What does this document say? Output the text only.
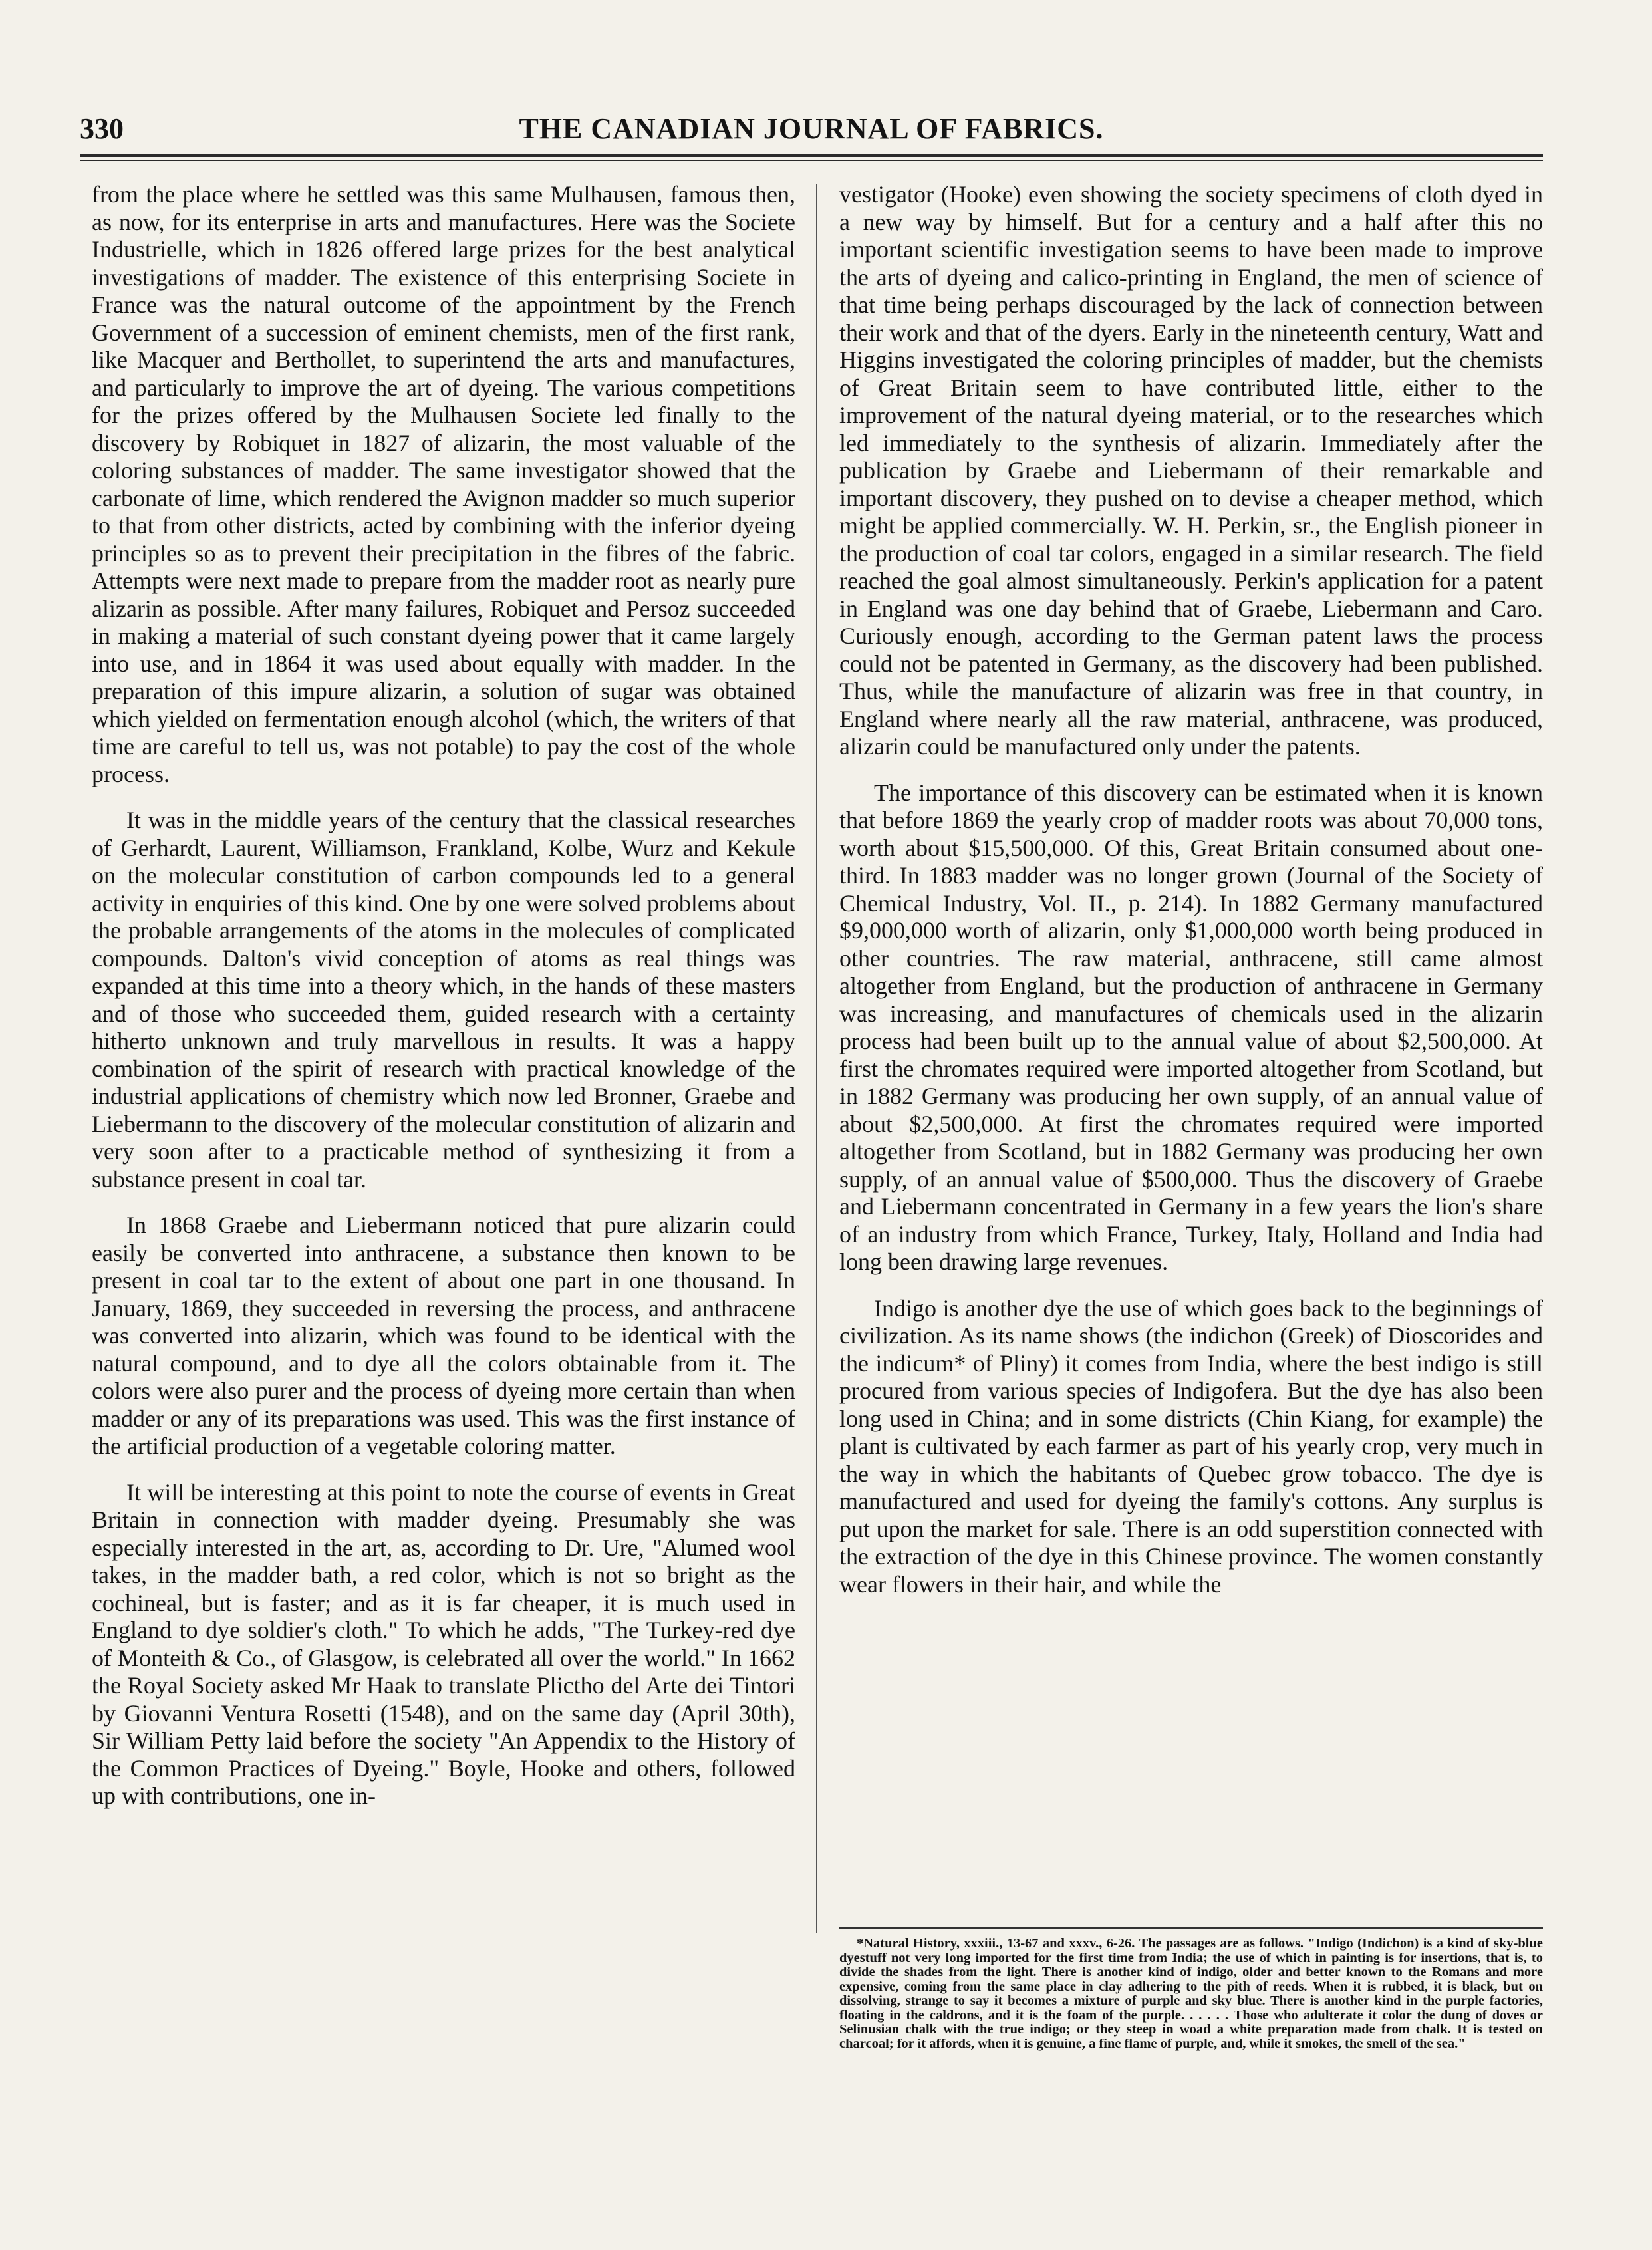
330	THE CANADIAN JOURNAL OF FABRICS.

from the place where he settled was this same Mulhausen, famous then, as now, for its enterprise in arts and manufactures. Here was the Societe Industrielle, which in 1826 offered large prizes for the best analytical investigations of madder. The existence of this enterprising Societe in France was the natural outcome of the appointment by the French Government of a succession of eminent chemists, men of the first rank, like Macquer and Berthollet, to superintend the arts and manufactures, and particularly to improve the art of dyeing. The various competitions for the prizes offered by the Mulhausen Societe led finally to the discovery by Robiquet in 1827 of alizarin, the most valuable of the coloring substances of madder. The same investigator showed that the carbonate of lime, which rendered the Avignon madder so much superior to that from other districts, acted by combining with the inferior dyeing principles so as to prevent their precipitation in the fibres of the fabric. Attempts were next made to prepare from the madder root as nearly pure alizarin as possible. After many failures, Robiquet and Persoz succeeded in making a material of such constant dyeing power that it came largely into use, and in 1864 it was used about equally with madder. In the preparation of this impure alizarin, a solution of sugar was obtained which yielded on fermentation enough alcohol (which, the writers of that time are careful to tell us, was not potable) to pay the cost of the whole process.

It was in the middle years of the century that the classical researches of Gerhardt, Laurent, Williamson, Frankland, Kolbe, Wurz and Kekule on the molecular constitution of carbon compounds led to a general activity in enquiries of this kind. One by one were solved problems about the probable arrangements of the atoms in the molecules of complicated compounds. Dalton's vivid conception of atoms as real things was expanded at this time into a theory which, in the hands of these masters and of those who succeeded them, guided research with a certainty hitherto unknown and truly marvellous in results. It was a happy combination of the spirit of research with practical knowledge of the industrial applications of chemistry which now led Bronner, Graebe and Liebermann to the discovery of the molecular constitution of alizarin and very soon after to a practicable method of synthesizing it from a substance present in coal tar.

In 1868 Graebe and Liebermann noticed that pure alizarin could easily be converted into anthracene, a substance then known to be present in coal tar to the extent of about one part in one thousand. In January, 1869, they succeeded in reversing the process, and anthracene was converted into alizarin, which was found to be identical with the natural compound, and to dye all the colors obtainable from it. The colors were also purer and the process of dyeing more certain than when madder or any of its preparations was used. This was the first instance of the artificial production of a vegetable coloring matter.

It will be interesting at this point to note the course of events in Great Britain in connection with madder dyeing. Presumably she was especially interested in the art, as, according to Dr. Ure, "Alumed wool takes, in the madder bath, a red color, which is not so bright as the cochineal, but is faster; and as it is far cheaper, it is much used in England to dye soldier's cloth." To which he adds, "The Turkey-red dye of Monteith & Co., of Glasgow, is celebrated all over the world." In 1662 the Royal Society asked Mr Haak to translate Plictho del Arte dei Tintori by Giovanni Ventura Rosetti (1548), and on the same day (April 30th), Sir William Petty laid before the society "An Appendix to the History of the Common Practices of Dyeing." Boyle, Hooke and others, followed up with contributions, one in-

vestigator (Hooke) even showing the society specimens of cloth dyed in a new way by himself. But for a century and a half after this no important scientific investigation seems to have been made to improve the arts of dyeing and calico-printing in England, the men of science of that time being perhaps discouraged by the lack of connection between their work and that of the dyers. Early in the nineteenth century, Watt and Higgins investigated the coloring principles of madder, but the chemists of Great Britain seem to have contributed little, either to the improvement of the natural dyeing material, or to the researches which led immediately to the synthesis of alizarin. Immediately after the publication by Graebe and Liebermann of their remarkable and important discovery, they pushed on to devise a cheaper method, which might be applied commercially. W. H. Perkin, sr., the English pioneer in the production of coal tar colors, engaged in a similar research. The field reached the goal almost simultaneously. Perkin's application for a patent in England was one day behind that of Graebe, Liebermann and Caro. Curiously enough, according to the German patent laws the process could not be patented in Germany, as the discovery had been published. Thus, while the manufacture of alizarin was free in that country, in England where nearly all the raw material, anthracene, was produced, alizarin could be manufactured only under the patents.

The importance of this discovery can be estimated when it is known that before 1869 the yearly crop of madder roots was about 70,000 tons, worth about $15,500,000. Of this, Great Britain consumed about one-third. In 1883 madder was no longer grown (Journal of the Society of Chemical Industry, Vol. II., p. 214). In 1882 Germany manufactured $9,000,000 worth of alizarin, only $1,000,000 worth being produced in other countries. The raw material, anthracene, still came almost altogether from England, but the production of anthracene in Germany was increasing, and manufactures of chemicals used in the alizarin process had been built up to the annual value of about $2,500,000. At first the chromates required were imported altogether from Scotland, but in 1882 Germany was producing her own supply, of an annual value of about $2,500,000. At first the chromates required were imported altogether from Scotland, but in 1882 Germany was producing her own supply, of an annual value of $500,000. Thus the discovery of Graebe and Liebermann concentrated in Germany in a few years the lion's share of an industry from which France, Turkey, Italy, Holland and India had long been drawing large revenues.

Indigo is another dye the use of which goes back to the beginnings of civilization. As its name shows (the indichon (Greek) of Dioscorides and the indicum* of Pliny) it comes from India, where the best indigo is still procured from various species of Indigofera. But the dye has also been long used in China; and in some districts (Chin Kiang, for example) the plant is cultivated by each farmer as part of his yearly crop, very much in the way in which the habitants of Quebec grow tobacco. The dye is manufactured and used for dyeing the family's cottons. Any surplus is put upon the market for sale. There is an odd superstition connected with the extraction of the dye in this Chinese province. The women constantly wear flowers in their hair, and while the

*Natural History, xxxiii., 13-67 and xxxv., 6-26. The passages are as follows. "Indigo (Indichon) is a kind of sky-blue dyestuff not very long imported for the first time from India; the use of which in painting is for insertions, that is, to divide the shades from the light. There is another kind of indigo, older and better known to the Romans and more expensive, coming from the same place in clay adhering to the pith of reeds. When it is rubbed, it is black, but on dissolving, strange to say it becomes a mixture of purple and sky blue. There is another kind in the purple factories, floating in the caldrons, and it is the foam of the purple. . . . . . Those who adulterate it color the dung of doves or Selinusian chalk with the true indigo; or they steep in woad a white preparation made from chalk. It is tested on charcoal; for it affords, when it is genuine, a fine flame of purple, and, while it smokes, the smell of the sea."
